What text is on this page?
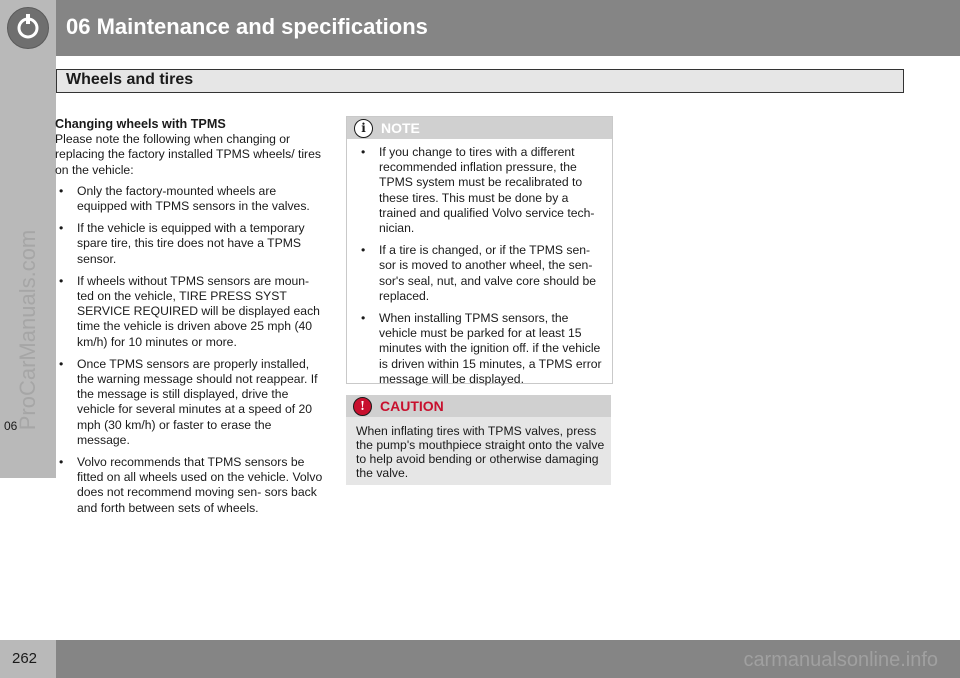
06 Maintenance and specifications
Wheels and tires
06
ProCarManuals.com
Changing wheels with TPMS

Please note the following when changing or replacing the factory installed TPMS wheels/ tires on the vehicle:

• Only the factory-mounted wheels are equipped with TPMS sensors in the valves.
• If the vehicle is equipped with a temporary spare tire, this tire does not have a TPMS sensor.
• If wheels without TPMS sensors are moun- ted on the vehicle, TIRE PRESS SYST SERVICE REQUIRED will be displayed each time the vehicle is driven above 25 mph (40 km/h) for 10 minutes or more.
• Once TPMS sensors are properly installed, the warning message should not reappear. If the message is still displayed, drive the vehicle for several minutes at a speed of 20 mph (30 km/h) or faster to erase the message.
• Volvo recommends that TPMS sensors be fitted on all wheels used on the vehicle. Volvo does not recommend moving sen- sors back and forth between sets of wheels.
i	NOTE
• If you change to tires with a different recommended inflation pressure, the TPMS system must be recalibrated to these tires. This must be done by a trained and qualified Volvo service tech- nician.
• If a tire is changed, or if the TPMS sen- sor is moved to another wheel, the sen- sor's seal, nut, and valve core should be replaced.
• When installing TPMS sensors, the vehicle must be parked for at least 15 minutes with the ignition off. if the vehicle is driven within 15 minutes, a TPMS error message will be displayed.
!	CAUTION

When inflating tires with TPMS valves, press the pump's mouthpiece straight onto the valve to help avoid bending or otherwise damaging the valve.

262	carmanualsonline.info
